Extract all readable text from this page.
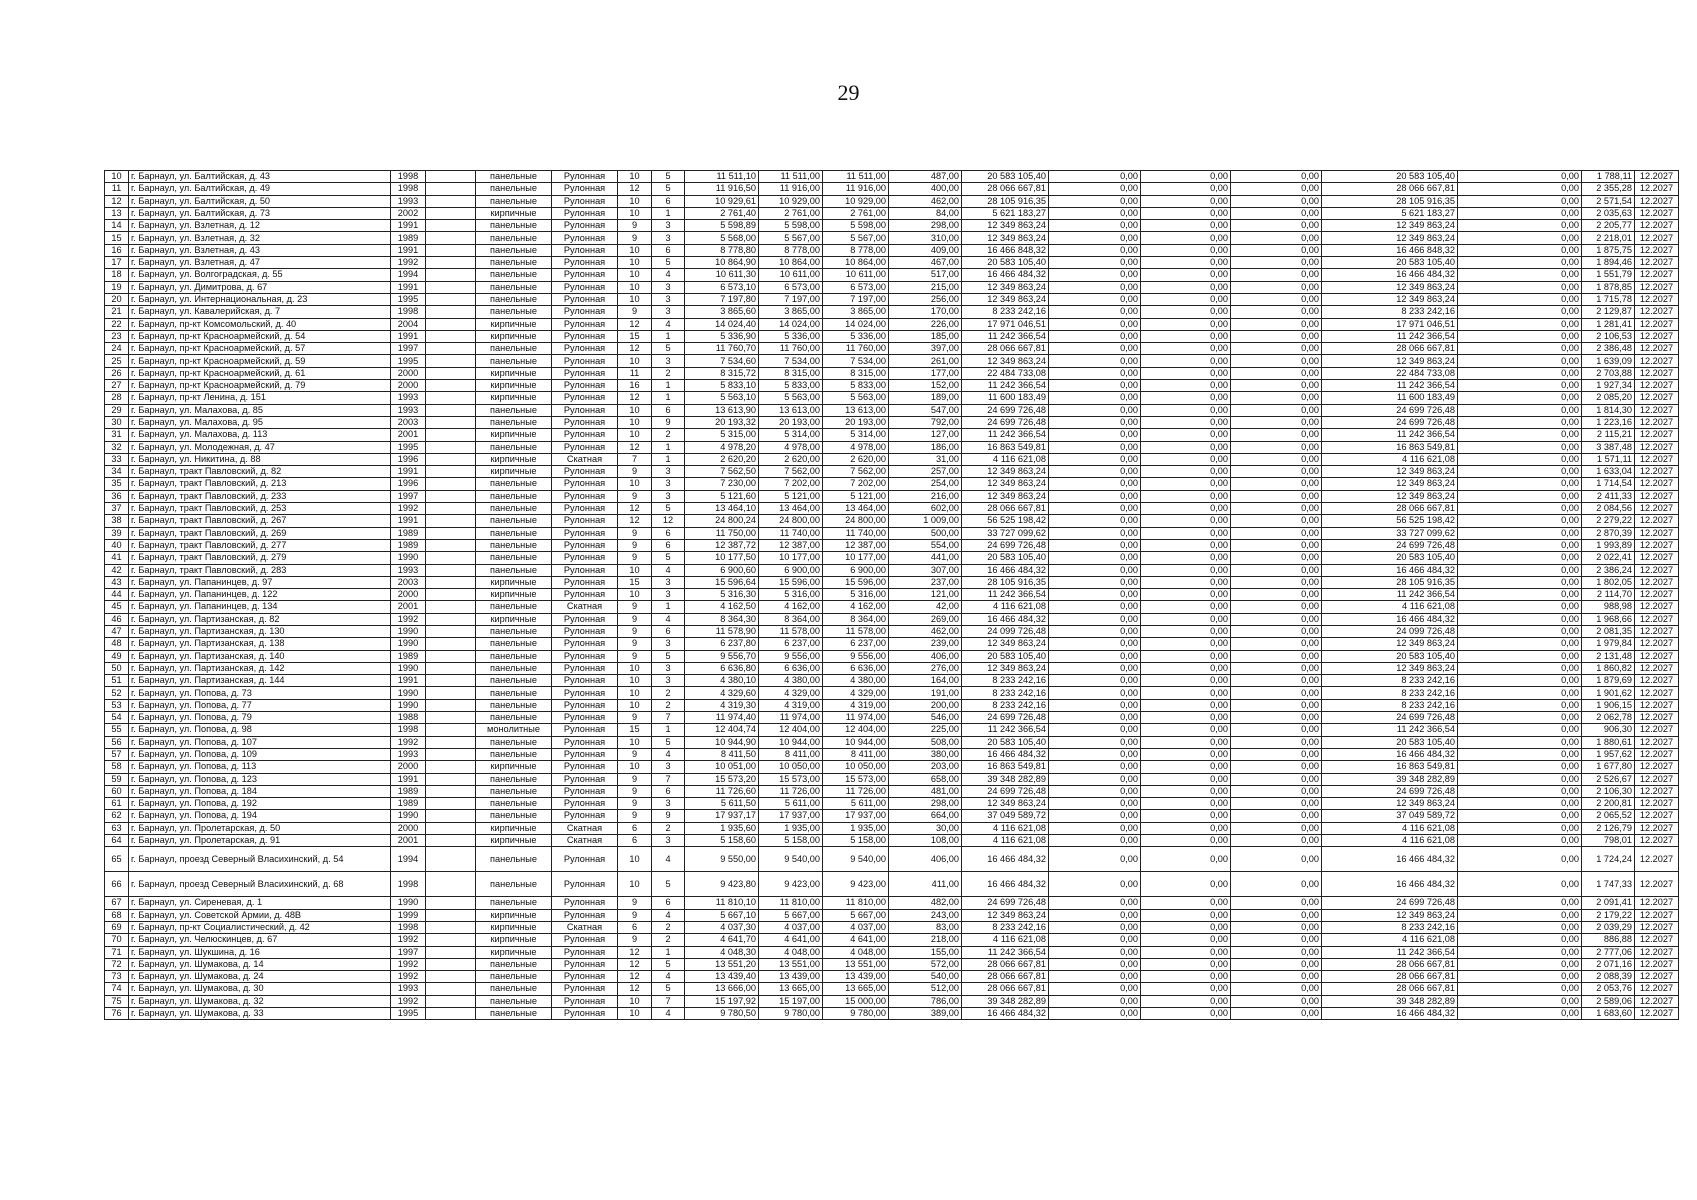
29
10	г. Барнаул, ул. Балтийская, д. 43	1998		панельные	Рулонная	10	5	11 511,10	11 511,00	11 511,00	487,00	20 583 105,40	0,00	0,00	0,00	20 583 105,40	0,00	1 788,11	12.2027
11	г. Барнаул, ул. Балтийская, д. 49	1998		панельные	Рулонная	12	5	11 916,50	11 916,00	11 916,00	400,00	28 066 667,81	0,00	0,00	0,00	28 066 667,81	0,00	2 355,28	12.2027
12	г. Барнаул, ул. Балтийская, д. 50	1993		панельные	Рулонная	10	6	10 929,61	10 929,00	10 929,00	462,00	28 105 916,35	0,00	0,00	0,00	28 105 916,35	0,00	2 571,54	12.2027
13	г. Барнаул, ул. Балтийская, д. 73	2002		кирпичные	Рулонная	10	1	2 761,40	2 761,00	2 761,00	84,00	5 621 183,27	0,00	0,00	0,00	5 621 183,27	0,00	2 035,63	12.2027
14	г. Барнаул, ул. Взлетная, д. 12	1991		панельные	Рулонная	9	3	5 598,89	5 598,00	5 598,00	298,00	12 349 863,24	0,00	0,00	0,00	12 349 863,24	0,00	2 205,77	12.2027
15	г. Барнаул, ул. Взлетная, д. 32	1989		панельные	Рулонная	9	3	5 568,00	5 567,00	5 567,00	310,00	12 349 863,24	0,00	0,00	0,00	12 349 863,24	0,00	2 218,01	12.2027
16	г. Барнаул, ул. Взлетная, д. 43	1991		панельные	Рулонная	10	6	8 778,80	8 778,00	8 778,00	409,00	16 466 848,32	0,00	0,00	0,00	16 466 848,32	0,00	1 875,75	12.2027
17	г. Барнаул, ул. Взлетная, д. 47	1992		панельные	Рулонная	10	5	10 864,90	10 864,00	10 864,00	467,00	20 583 105,40	0,00	0,00	0,00	20 583 105,40	0,00	1 894,46	12.2027
18	г. Барнаул, ул. Волгоградская, д. 55	1994		панельные	Рулонная	10	4	10 611,30	10 611,00	10 611,00	517,00	16 466 484,32	0,00	0,00	0,00	16 466 484,32	0,00	1 551,79	12.2027
19	г. Барнаул, ул. Димитрова, д. 67	1991		панельные	Рулонная	10	3	6 573,10	6 573,00	6 573,00	215,00	12 349 863,24	0,00	0,00	0,00	12 349 863,24	0,00	1 878,85	12.2027
20	г. Барнаул, ул. Интернациональная, д. 23	1995		панельные	Рулонная	10	3	7 197,80	7 197,00	7 197,00	256,00	12 349 863,24	0,00	0,00	0,00	12 349 863,24	0,00	1 715,78	12.2027
21	г. Барнаул, ул. Кавалерийская, д. 7	1998		панельные	Рулонная	9	3	3 865,60	3 865,00	3 865,00	170,00	8 233 242,16	0,00	0,00	0,00	8 233 242,16	0,00	2 129,87	12.2027
22	г. Барнаул, пр-кт Комсомольский, д. 40	2004		кирпичные	Рулонная	12	4	14 024,40	14 024,00	14 024,00	226,00	17 971 046,51	0,00	0,00	0,00	17 971 046,51	0,00	1 281,41	12.2027
23	г. Барнаул, пр-кт Красноармейский, д. 54	1991		кирпичные	Рулонная	15	1	5 336,90	5 336,00	5 336,00	185,00	11 242 366,54	0,00	0,00	0,00	11 242 366,54	0,00	2 106,53	12.2027
24	г. Барнаул, пр-кт Красноармейский, д. 57	1997		панельные	Рулонная	12	5	11 760,70	11 760,00	11 760,00	397,00	28 066 667,81	0,00	0,00	0,00	28 066 667,81	0,00	2 386,48	12.2027
25	г. Барнаул, пр-кт Красноармейский, д. 59	1995		панельные	Рулонная	10	3	7 534,60	7 534,00	7 534,00	261,00	12 349 863,24	0,00	0,00	0,00	12 349 863,24	0,00	1 639,09	12.2027
26	г. Барнаул, пр-кт Красноармейский, д. 61	2000		кирпичные	Рулонная	11	2	8 315,72	8 315,00	8 315,00	177,00	22 484 733,08	0,00	0,00	0,00	22 484 733,08	0,00	2 703,88	12.2027
27	г. Барнаул, пр-кт Красноармейский, д. 79	2000		кирпичные	Рулонная	16	1	5 833,10	5 833,00	5 833,00	152,00	11 242 366,54	0,00	0,00	0,00	11 242 366,54	0,00	1 927,34	12.2027
28	г. Барнаул, пр-кт Ленина, д. 151	1993		кирпичные	Рулонная	12	1	5 563,10	5 563,00	5 563,00	189,00	11 600 183,49	0,00	0,00	0,00	11 600 183,49	0,00	2 085,20	12.2027
29	г. Барнаул, ул. Малахова, д. 85	1993		панельные	Рулонная	10	6	13 613,90	13 613,00	13 613,00	547,00	24 699 726,48	0,00	0,00	0,00	24 699 726,48	0,00	1 814,30	12.2027
30	г. Барнаул, ул. Малахова, д. 95	2003		панельные	Рулонная	10	9	20 193,32	20 193,00	20 193,00	792,00	24 699 726,48	0,00	0,00	0,00	24 699 726,48	0,00	1 223,16	12.2027
31	г. Барнаул, ул. Малахова, д. 113	2001		кирпичные	Рулонная	10	2	5 315,00	5 314,00	5 314,00	127,00	11 242 366,54	0,00	0,00	0,00	11 242 366,54	0,00	2 115,21	12.2027
32	г. Барнаул, ул. Молодежная, д. 47	1995		панельные	Рулонная	12	1	4 978,20	4 978,00	4 978,00	186,00	16 863 549,81	0,00	0,00	0,00	16 863 549,81	0,00	3 387,48	12.2027
33	г. Барнаул, ул. Никитина, д. 88	1996		кирпичные	Скатная	7	1	2 620,20	2 620,00	2 620,00	31,00	4 116 621,08	0,00	0,00	0,00	4 116 621,08	0,00	1 571,11	12.2027
34	г. Барнаул, тракт Павловский, д. 82	1991		кирпичные	Рулонная	9	3	7 562,50	7 562,00	7 562,00	257,00	12 349 863,24	0,00	0,00	0,00	12 349 863,24	0,00	1 633,04	12.2027
35	г. Барнаул, тракт Павловский, д. 213	1996		панельные	Рулонная	10	3	7 230,00	7 202,00	7 202,00	254,00	12 349 863,24	0,00	0,00	0,00	12 349 863,24	0,00	1 714,54	12.2027
36	г. Барнаул, тракт Павловский, д. 233	1997		панельные	Рулонная	9	3	5 121,60	5 121,00	5 121,00	216,00	12 349 863,24	0,00	0,00	0,00	12 349 863,24	0,00	2 411,33	12.2027
37	г. Барнаул, тракт Павловский, д. 253	1992		панельные	Рулонная	12	5	13 464,10	13 464,00	13 464,00	602,00	28 066 667,81	0,00	0,00	0,00	28 066 667,81	0,00	2 084,56	12.2027
38	г. Барнаул, тракт Павловский, д. 267	1991		панельные	Рулонная	12	12	24 800,24	24 800,00	24 800,00	1 009,00	56 525 198,42	0,00	0,00	0,00	56 525 198,42	0,00	2 279,22	12.2027
39	г. Барнаул, тракт Павловский, д. 269	1989		панельные	Рулонная	9	6	11 750,00	11 740,00	11 740,00	500,00	33 727 099,62	0,00	0,00	0,00	33 727 099,62	0,00	2 870,39	12.2027
40	г. Барнаул, тракт Павловский, д. 277	1989		панельные	Рулонная	9	6	12 387,72	12 387,00	12 387,00	554,00	24 699 726,48	0,00	0,00	0,00	24 699 726,48	0,00	1 993,89	12.2027
41	г. Барнаул, тракт Павловский, д. 279	1990		панельные	Рулонная	9	5	10 177,50	10 177,00	10 177,00	441,00	20 583 105,40	0,00	0,00	0,00	20 583 105,40	0,00	2 022,41	12.2027
42	г. Барнаул, тракт Павловский, д. 283	1993		панельные	Рулонная	10	4	6 900,60	6 900,00	6 900,00	307,00	16 466 484,32	0,00	0,00	0,00	16 466 484,32	0,00	2 386,24	12.2027
43	г. Барнаул, ул. Папанинцев, д. 97	2003		кирпичные	Рулонная	15	3	15 596,64	15 596,00	15 596,00	237,00	28 105 916,35	0,00	0,00	0,00	28 105 916,35	0,00	1 802,05	12.2027
44	г. Барнаул, ул. Папанинцев, д. 122	2000		кирпичные	Рулонная	10	3	5 316,30	5 316,00	5 316,00	121,00	11 242 366,54	0,00	0,00	0,00	11 242 366,54	0,00	2 114,70	12.2027
45	г. Барнаул, ул. Папанинцев, д. 134	2001		панельные	Скатная	9	1	4 162,50	4 162,00	4 162,00	42,00	4 116 621,08	0,00	0,00	0,00	4 116 621,08	0,00	988,98	12.2027
46	г. Барнаул, ул. Партизанская, д. 82	1992		кирпичные	Рулонная	9	4	8 364,30	8 364,00	8 364,00	269,00	16 466 484,32	0,00	0,00	0,00	16 466 484,32	0,00	1 968,66	12.2027
47	г. Барнаул, ул. Партизанская, д. 130	1990		панельные	Рулонная	9	6	11 578,90	11 578,00	11 578,00	462,00	24 099 726,48	0,00	0,00	0,00	24 099 726,48	0,00	2 081,35	12.2027
48	г. Барнаул, ул. Партизанская, д. 138	1990		панельные	Рулонная	9	3	6 237,80	6 237,00	6 237,00	239,00	12 349 863,24	0,00	0,00	0,00	12 349 863,24	0,00	1 979,84	12.2027
49	г. Барнаул, ул. Партизанская, д. 140	1989		панельные	Рулонная	9	5	9 556,70	9 556,00	9 556,00	406,00	20 583 105,40	0,00	0,00	0,00	20 583 105,40	0,00	2 131,48	12.2027
50	г. Барнаул, ул. Партизанская, д. 142	1990		панельные	Рулонная	10	3	6 636,80	6 636,00	6 636,00	276,00	12 349 863,24	0,00	0,00	0,00	12 349 863,24	0,00	1 860,82	12.2027
51	г. Барнаул, ул. Партизанская, д. 144	1991		панельные	Рулонная	10	3	4 380,10	4 380,00	4 380,00	164,00	8 233 242,16	0,00	0,00	0,00	8 233 242,16	0,00	1 879,69	12.2027
52	г. Барнаул, ул. Попова, д. 73	1990		панельные	Рулонная	10	2	4 329,60	4 329,00	4 329,00	191,00	8 233 242,16	0,00	0,00	0,00	8 233 242,16	0,00	1 901,62	12.2027
53	г. Барнаул, ул. Попова, д. 77	1990		панельные	Рулонная	10	2	4 319,30	4 319,00	4 319,00	200,00	8 233 242,16	0,00	0,00	0,00	8 233 242,16	0,00	1 906,15	12.2027
54	г. Барнаул, ул. Попова, д. 79	1988		панельные	Рулонная	9	7	11 974,40	11 974,00	11 974,00	546,00	24 699 726,48	0,00	0,00	0,00	24 699 726,48	0,00	2 062,78	12.2027
55	г. Барнаул, ул. Попова, д. 98	1998		монолитные	Рулонная	15	1	12 404,74	12 404,00	12 404,00	225,00	11 242 366,54	0,00	0,00	0,00	11 242 366,54	0,00	906,30	12.2027
56	г. Барнаул, ул. Попова, д. 107	1992		панельные	Рулонная	10	5	10 944,90	10 944,00	10 944,00	508,00	20 583 105,40	0,00	0,00	0,00	20 583 105,40	0,00	1 880,61	12.2027
57	г. Барнаул, ул. Попова, д. 109	1993		панельные	Рулонная	9	4	8 411,50	8 411,00	8 411,00	380,00	16 466 484,32	0,00	0,00	0,00	16 466 484,32	0,00	1 957,62	12.2027
58	г. Барнаул, ул. Попова, д. 113	2000		кирпичные	Рулонная	10	3	10 051,00	10 050,00	10 050,00	203,00	16 863 549,81	0,00	0,00	0,00	16 863 549,81	0,00	1 677,80	12.2027
59	г. Барнаул, ул. Попова, д. 123	1991		панельные	Рулонная	9	7	15 573,20	15 573,00	15 573,00	658,00	39 348 282,89	0,00	0,00	0,00	39 348 282,89	0,00	2 526,67	12.2027
60	г. Барнаул, ул. Попова, д. 184	1989		панельные	Рулонная	9	6	11 726,60	11 726,00	11 726,00	481,00	24 699 726,48	0,00	0,00	0,00	24 699 726,48	0,00	2 106,30	12.2027
61	г. Барнаул, ул. Попова, д. 192	1989		панельные	Рулонная	9	3	5 611,50	5 611,00	5 611,00	298,00	12 349 863,24	0,00	0,00	0,00	12 349 863,24	0,00	2 200,81	12.2027
62	г. Барнаул, ул. Попова, д. 194	1990		панельные	Рулонная	9	9	17 937,17	17 937,00	17 937,00	664,00	37 049 589,72	0,00	0,00	0,00	37 049 589,72	0,00	2 065,52	12.2027
63	г. Барнаул, ул. Пролетарская, д. 50	2000		кирпичные	Скатная	6	2	1 935,60	1 935,00	1 935,00	30,00	4 116 621,08	0,00	0,00	0,00	4 116 621,08	0,00	2 126,79	12.2027
64	г. Барнаул, ул. Пролетарская, д. 91	2001		кирпичные	Скатная	6	3	5 158,60	5 158,00	5 158,00	108,00	4 116 621,08	0,00	0,00	0,00	4 116 621,08	0,00	798,01	12.2027
65	г. Барнаул, проезд Северный Власихинский, д. 54	1994		панельные	Рулонная	10	4	9 550,00	9 540,00	9 540,00	406,00	16 466 484,32	0,00	0,00	0,00	16 466 484,32	0,00	1 724,24	12.2027
66	г. Барнаул, проезд Северный Власихинский, д. 68	1998		панельные	Рулонная	10	5	9 423,80	9 423,00	9 423,00	411,00	16 466 484,32	0,00	0,00	0,00	16 466 484,32	0,00	1 747,33	12.2027
67	г. Барнаул, ул. Сиреневая, д. 1	1990		панельные	Рулонная	9	6	11 810,10	11 810,00	11 810,00	482,00	24 699 726,48	0,00	0,00	0,00	24 699 726,48	0,00	2 091,41	12.2027
68	г. Барнаул, ул. Советской Армии, д. 48В	1999		кирпичные	Рулонная	9	4	5 667,10	5 667,00	5 667,00	243,00	12 349 863,24	0,00	0,00	0,00	12 349 863,24	0,00	2 179,22	12.2027
69	г. Барнаул, пр-кт Социалистический, д. 42	1998		кирпичные	Скатная	6	2	4 037,30	4 037,00	4 037,00	83,00	8 233 242,16	0,00	0,00	0,00	8 233 242,16	0,00	2 039,29	12.2027
70	г. Барнаул, ул. Челюскинцев, д. 67	1992		кирпичные	Рулонная	9	2	4 641,70	4 641,00	4 641,00	218,00	4 116 621,08	0,00	0,00	0,00	4 116 621,08	0,00	886,88	12.2027
71	г. Барнаул, ул. Шукшина, д. 16	1997		кирпичные	Рулонная	12	1	4 048,30	4 048,00	4 048,00	155,00	11 242 366,54	0,00	0,00	0,00	11 242 366,54	0,00	2 777,06	12.2027
72	г. Барнаул, ул. Шумакова, д. 14	1992		панельные	Рулонная	12	5	13 551,20	13 551,00	13 551,00	572,00	28 066 667,81	0,00	0,00	0,00	28 066 667,81	0,00	2 071,16	12.2027
73	г. Барнаул, ул. Шумакова, д. 24	1992		панельные	Рулонная	12	4	13 439,40	13 439,00	13 439,00	540,00	28 066 667,81	0,00	0,00	0,00	28 066 667,81	0,00	2 088,39	12.2027
74	г. Барнаул, ул. Шумакова, д. 30	1993		панельные	Рулонная	12	5	13 666,00	13 665,00	13 665,00	512,00	28 066 667,81	0,00	0,00	0,00	28 066 667,81	0,00	2 053,76	12.2027
75	г. Барнаул, ул. Шумакова, д. 32	1992		панельные	Рулонная	10	7	15 197,92	15 197,00	15 000,00	786,00	39 348 282,89	0,00	0,00	0,00	39 348 282,89	0,00	2 589,06	12.2027
76	г. Барнаул, ул. Шумакова, д. 33	1995		панельные	Рулонная	10	4	9 780,50	9 780,00	9 780,00	389,00	16 466 484,32	0,00	0,00	0,00	16 466 484,32	0,00	1 683,60	12.2027
